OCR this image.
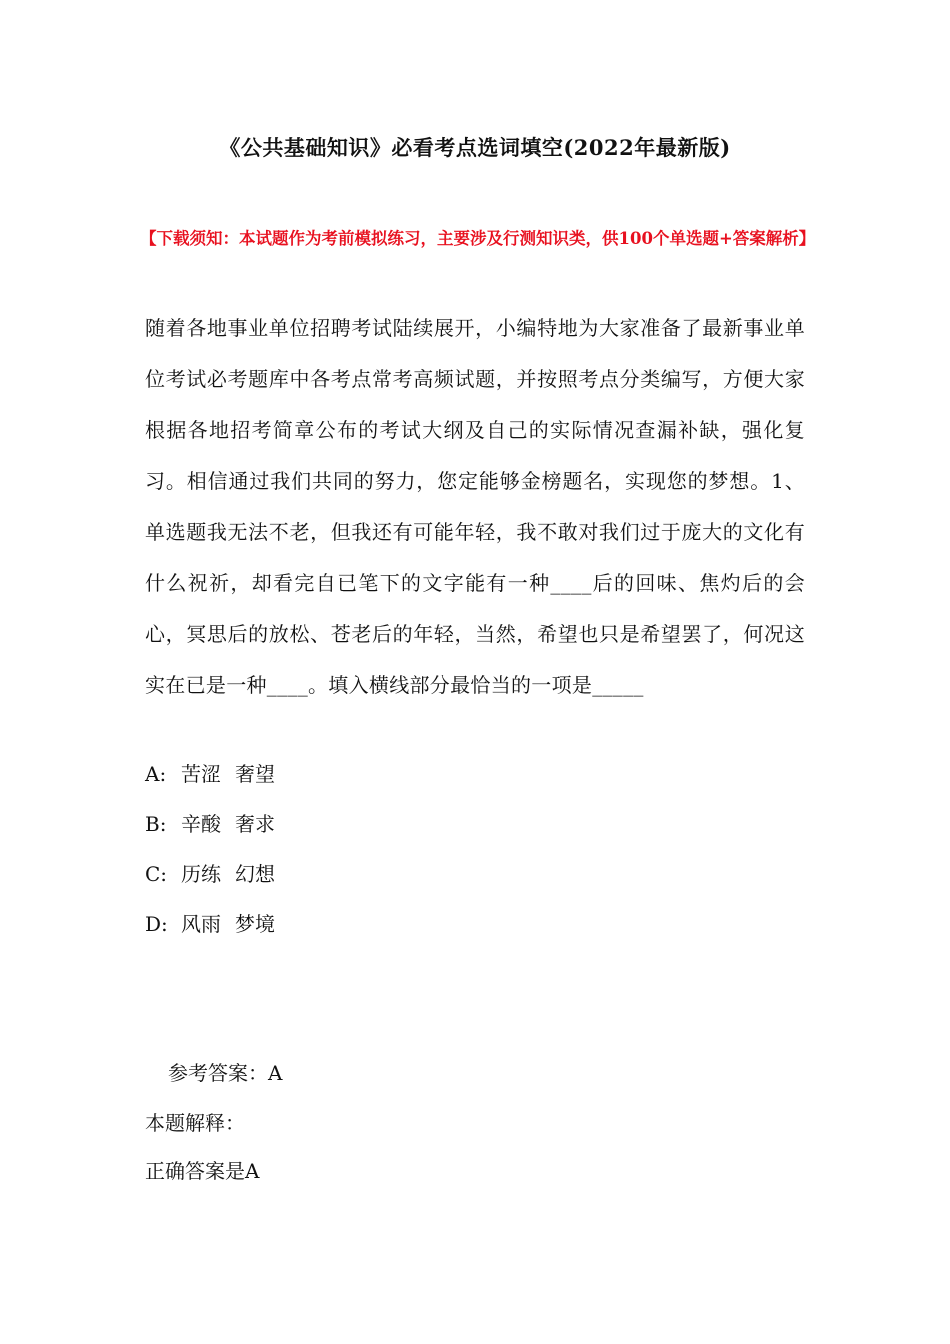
《公共基础知识》必看考点选词填空(2022年最新版)
【下载须知：本试题作为考前模拟练习，主要涉及行测知识类，供100个单选题+答案解析】
随着各地事业单位招聘考试陆续展开，小编特地为大家准备了最新事业单位考试必考题库中各考点常考高频试题，并按照考点分类编写，方便大家根据各地招考简章公布的考试大纲及自己的实际情况查漏补缺，强化复习。相信通过我们共同的努力，您定能够金榜题名，实现您的梦想。1、单选题我无法不老，但我还有可能年轻，我不敢对我们过于庞大的文化有什么祝祈，却看完自已笔下的文字能有一种____后的回味、焦灼后的会心，冥思后的放松、苍老后的年轻，当然，希望也只是希望罢了，何况这实在已是一种____。填入横线部分最恰当的一项是_____
A: 苦涩 奢望
B: 辛酸 奢求
C: 历练 幻想
D: 风雨 梦境
参考答案：A
本题解释：
正确答案是A
